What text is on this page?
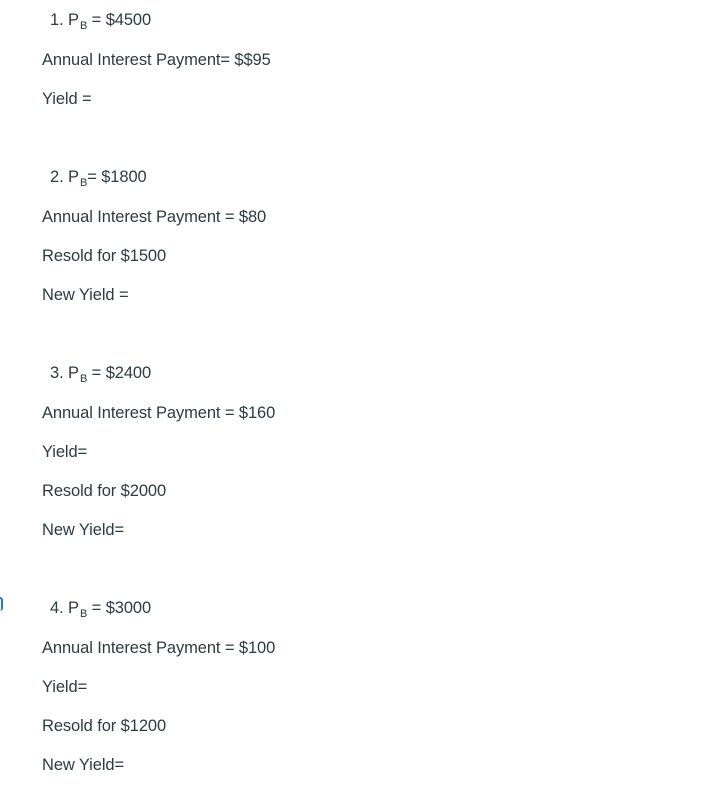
1. $P_B$ = $4500
Annual Interest Payment= $$95
Yield =
2. $P_B=$ $1800
Annual Interest Payment = $80
Resold for $1500
New Yield =
3. $P_B$ = $2400
Annual Interest Payment = $160
Yield=
Resold for $2000
New Yield=
4. $P_B$ = $3000
Annual Interest Payment = $100
Yield=
Resold for $1200
New Yield=
